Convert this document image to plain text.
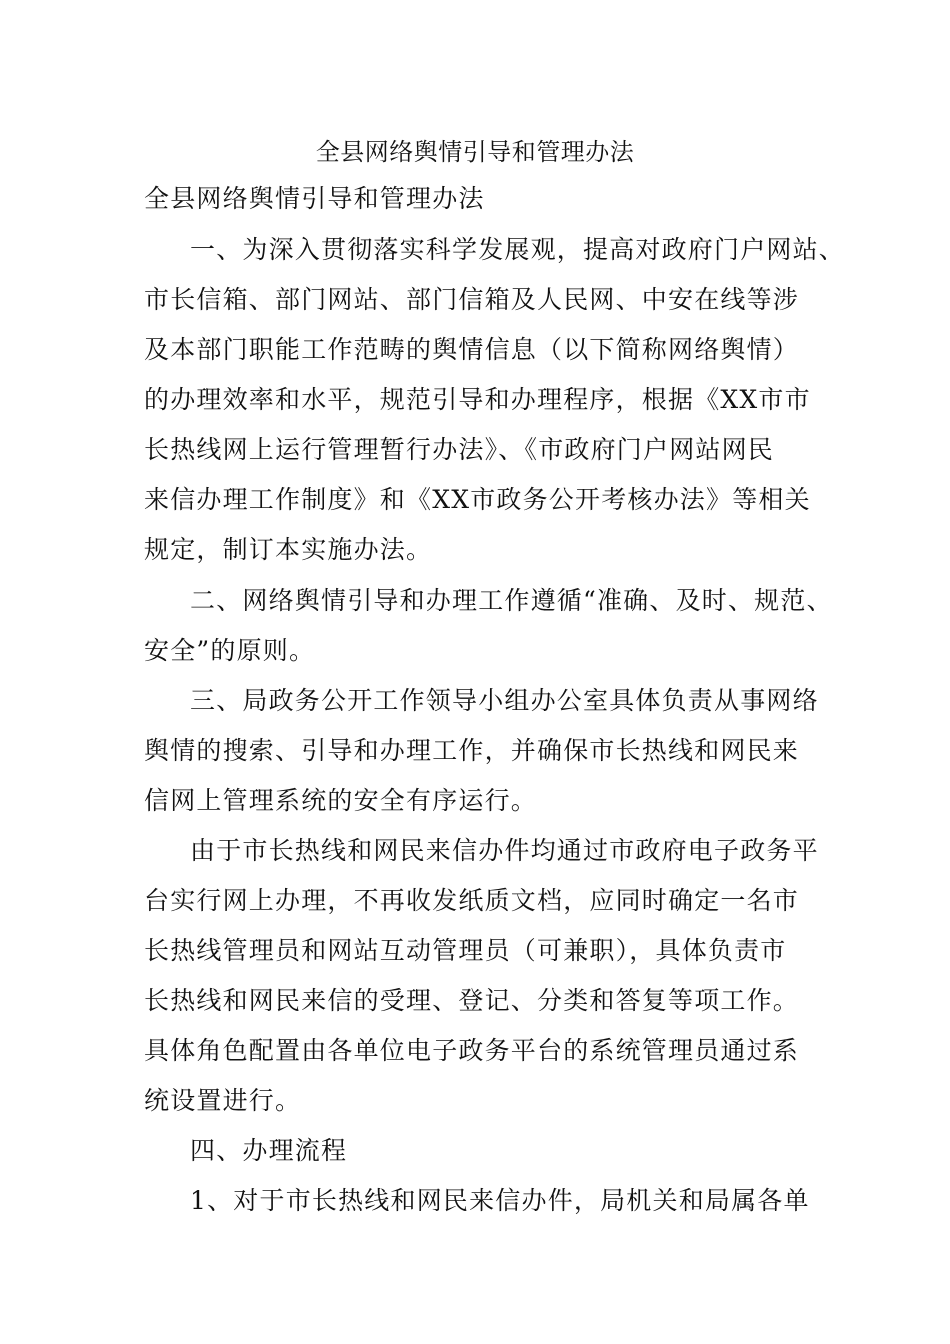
全县网络舆情引导和管理办法

全县网络舆情引导和管理办法

一、为深入贯彻落实科学发展观，提高对政府门户网站、

市长信箱、部门网站、部门信箱及人民网、中安在线等涉

及本部门职能工作范畴的舆情信息（以下简称网络舆情）

的办理效率和水平，规范引导和办理程序，根据《XX市市

长热线网上运行管理暂行办法》、《市政府门户网站网民

来信办理工作制度》和《XX市政务公开考核办法》等相关

规定，制订本实施办法。

二、网络舆情引导和办理工作遵循“准确、及时、规范、

安全”的原则。

三、局政务公开工作领导小组办公室具体负责从事网络

舆情的搜索、引导和办理工作，并确保市长热线和网民来

信网上管理系统的安全有序运行。

由于市长热线和网民来信办件均通过市政府电子政务平

台实行网上办理，不再收发纸质文档，应同时确定一名市

长热线管理员和网站互动管理员（可兼职），具体负责市

长热线和网民来信的受理、登记、分类和答复等项工作。

具体角色配置由各单位电子政务平台的系统管理员通过系

统设置进行。

四、办理流程

1、对于市长热线和网民来信办件，局机关和局属各单
